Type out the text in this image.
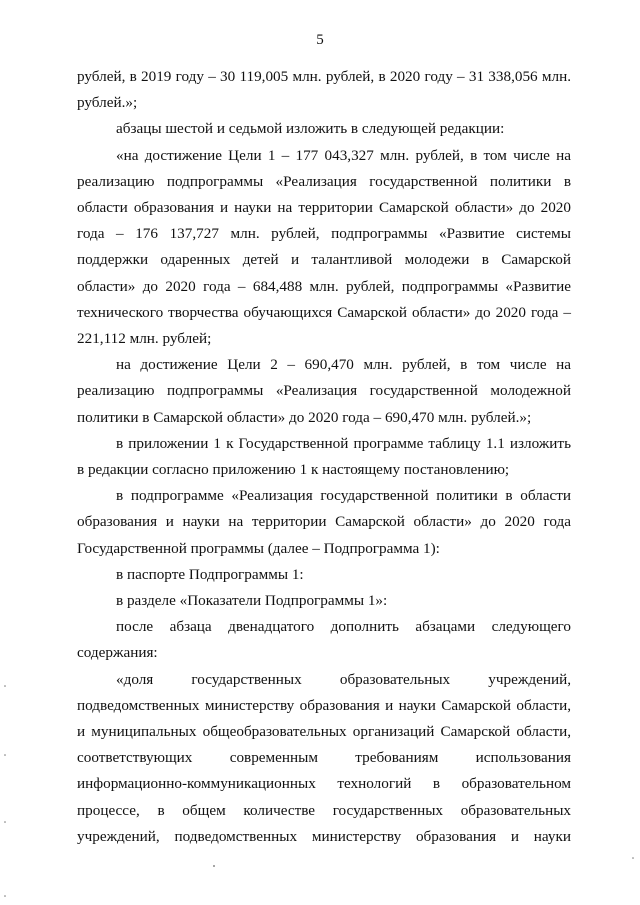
5

рублей, в 2019 году – 30 119,005 млн. рублей, в 2020 году – 31 338,056 млн. рублей.»;

абзацы шестой и седьмой изложить в следующей редакции:

«на достижение Цели 1 – 177 043,327 млн. рублей, в том числе на реализацию подпрограммы «Реализация государственной политики в области образования и науки на территории Самарской области» до 2020 года – 176 137,727 млн. рублей, подпрограммы «Развитие системы поддержки одаренных детей и талантливой молодежи в Самарской области» до 2020 года – 684,488 млн. рублей, подпрограммы «Развитие технического творчества обучающихся Самарской области» до 2020 года – 221,112 млн. рублей;

на достижение Цели 2 – 690,470 млн. рублей, в том числе на реализацию подпрограммы «Реализация государственной молодежной политики в Самарской области» до 2020 года – 690,470 млн. рублей.»;

в приложении 1 к Государственной программе таблицу 1.1 изложить в редакции согласно приложению 1 к настоящему постановлению;

в подпрограмме «Реализация государственной политики в области образования и науки на территории Самарской области» до 2020 года Государственной программы (далее – Подпрограмма 1):

в паспорте Подпрограммы 1:

в разделе «Показатели Подпрограммы 1»:

после абзаца двенадцатого дополнить абзацами следующего содержания:

«доля государственных образовательных учреждений, подведомственных министерству образования и науки Самарской области, и муниципальных общеобразовательных организаций Самарской области, соответствующих современным требованиям использования информационно-коммуникационных технологий в образовательном процессе, в общем количестве государственных образовательных учреждений, подведомственных министерству образования и науки
